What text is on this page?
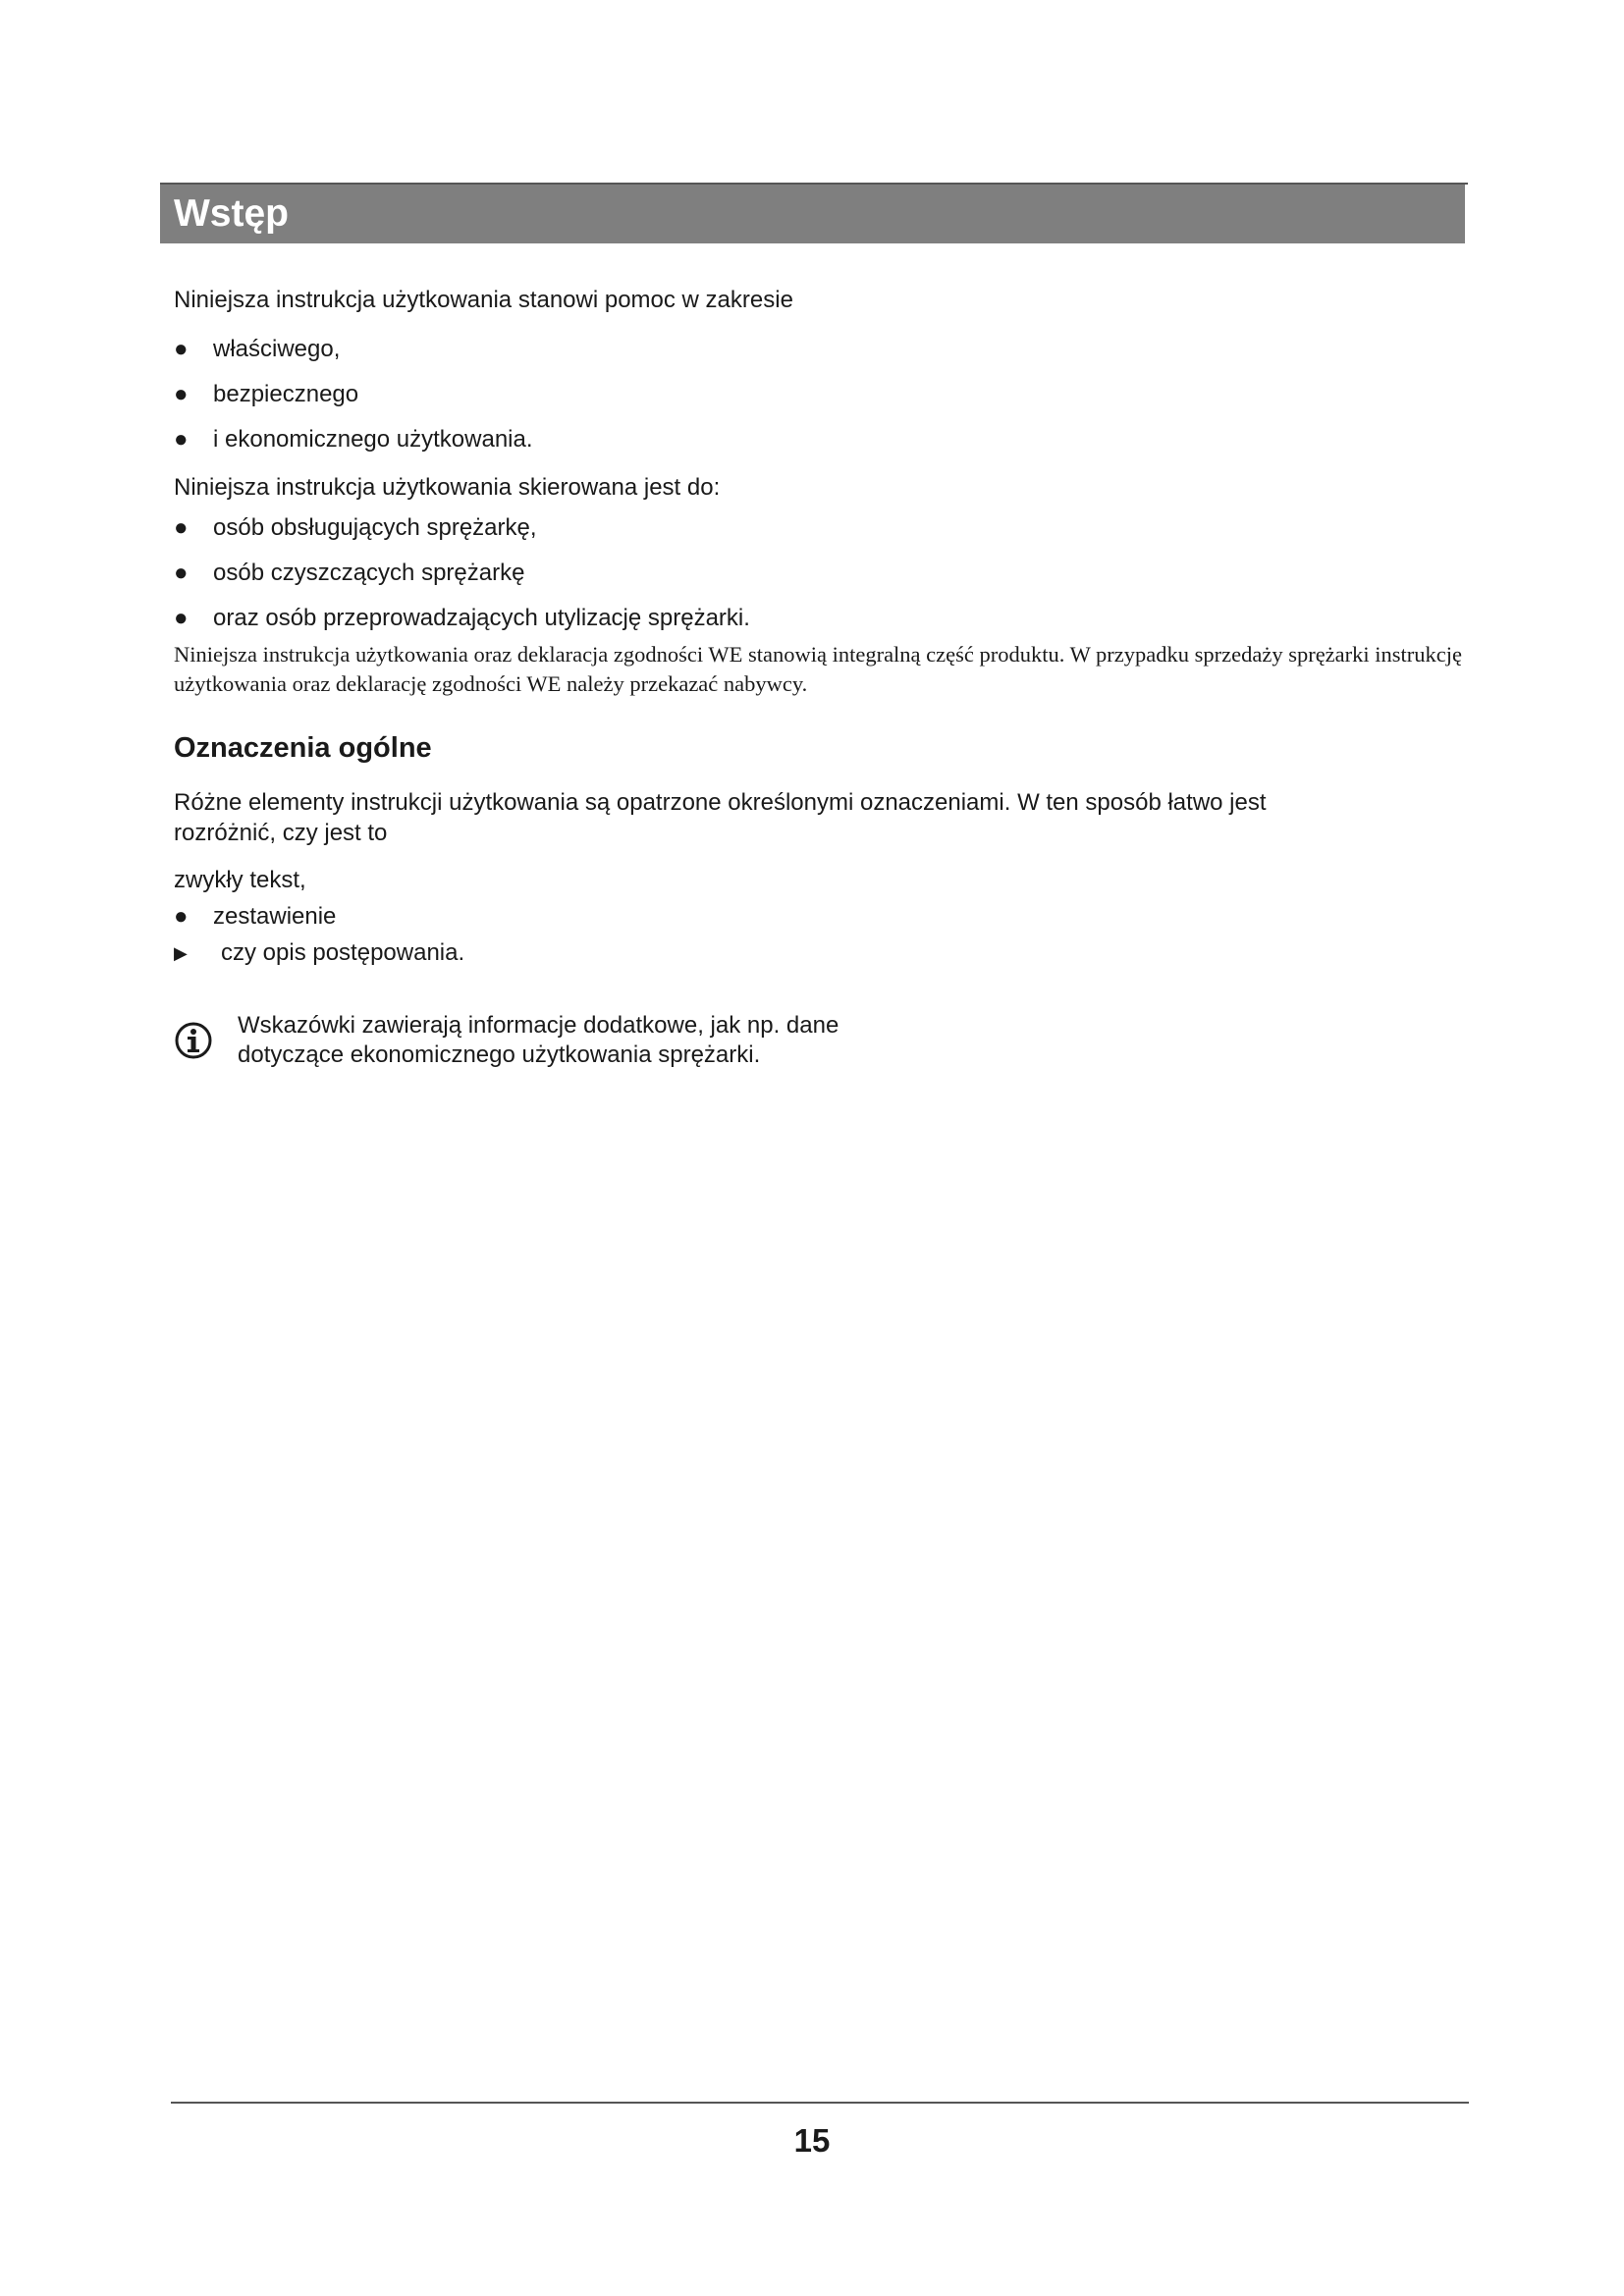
Wstęp
Niniejsza instrukcja użytkowania stanowi pomoc w zakresie
● właściwego,
● bezpiecznego
● i ekonomicznego użytkowania.
Niniejsza instrukcja użytkowania skierowana jest do:
● osób obsługujących sprężarkę,
● osób czyszczących sprężarkę
● oraz osób przeprowadzających utylizację sprężarki.
Niniejsza instrukcja użytkowania oraz deklaracja zgodności WE stanowią integralną część produktu. W przypadku sprzedaży sprężarki instrukcję użytkowania oraz deklarację zgodności WE należy przekazać nabywcy.
Oznaczenia ogólne
Różne elementy instrukcji użytkowania są opatrzone określonymi oznaczeniami. W ten sposób łatwo jest
rozróżnić, czy jest to
zwykły tekst,
● zestawienie
▶ czy opis postępowania.
Wskazówki zawierają informacje dodatkowe, jak np. dane
dotyczące ekonomicznego użytkowania sprężarki.
15
